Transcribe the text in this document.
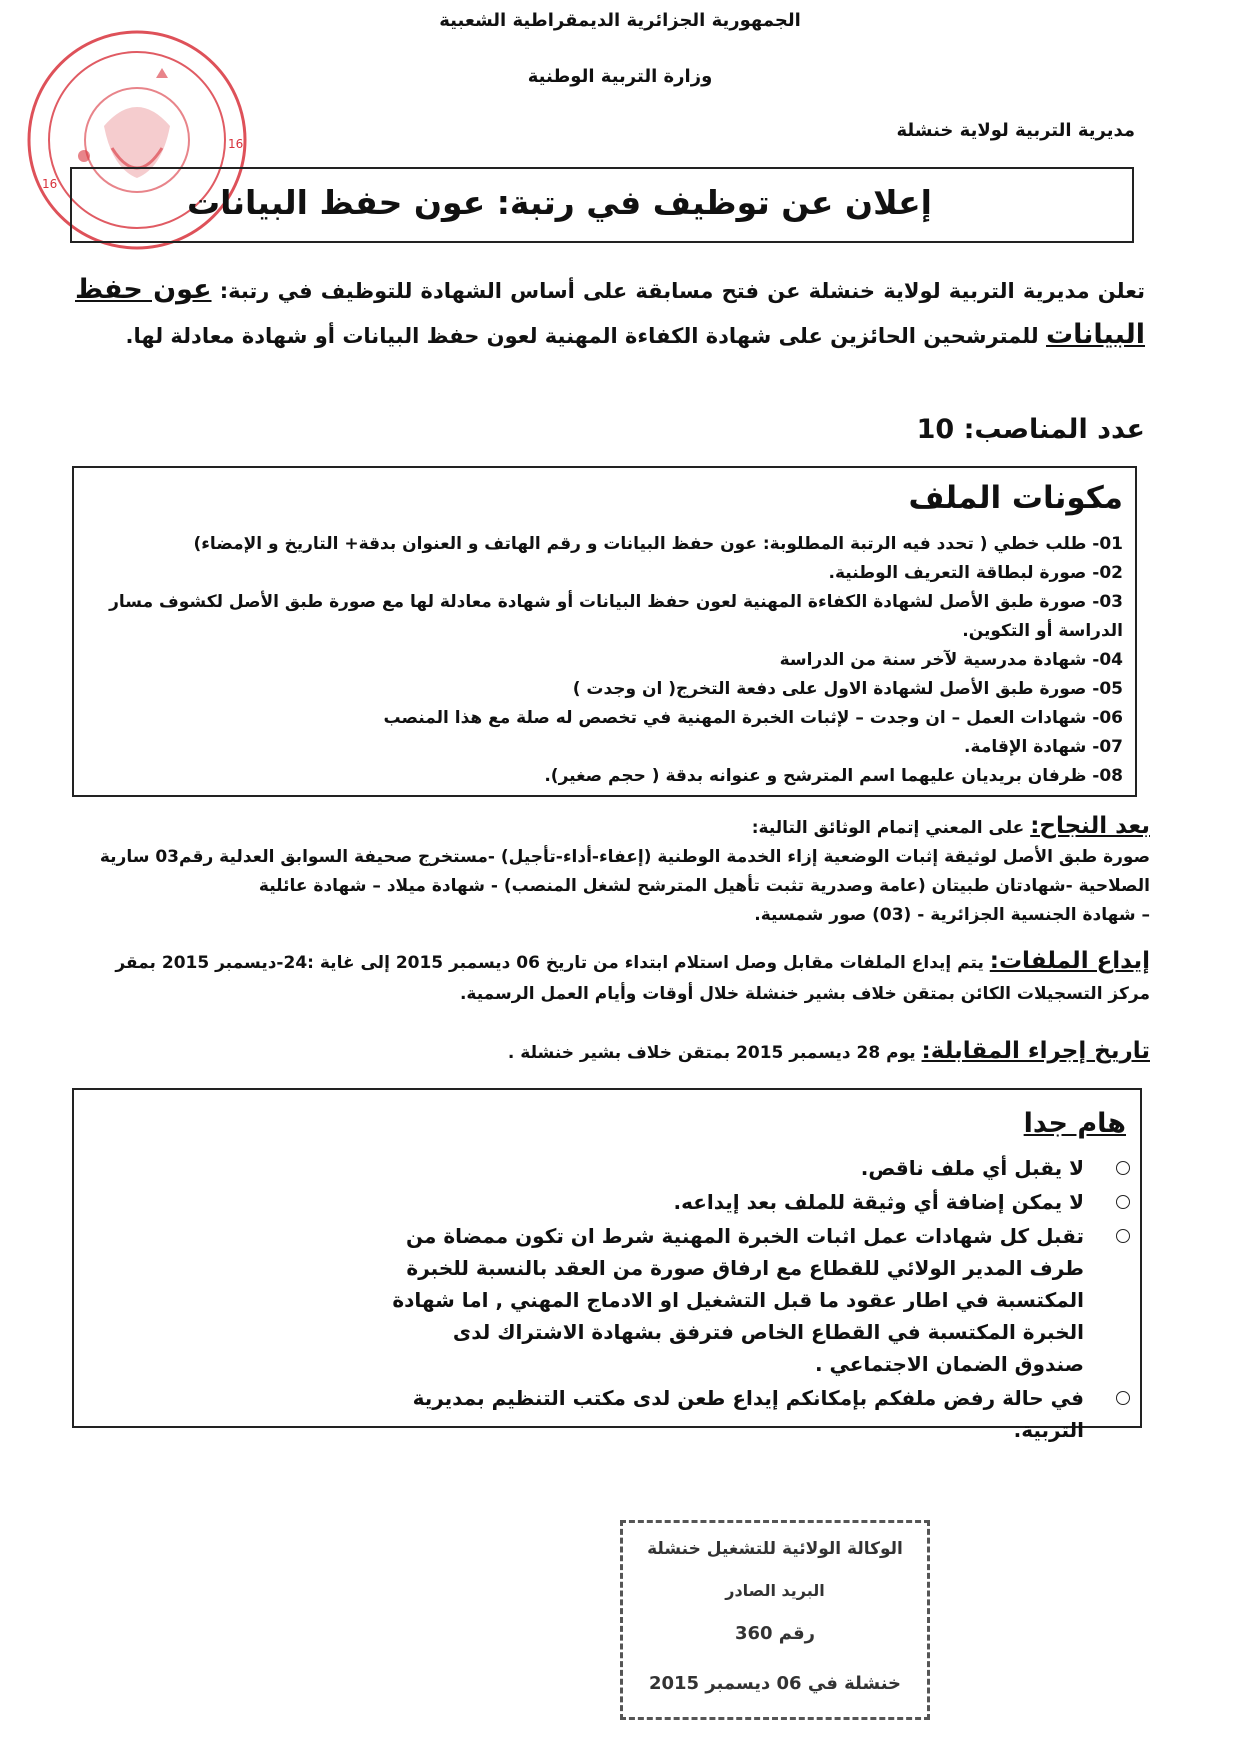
16
16
الجمهورية الجزائرية الديمقراطية الشعبية
وزارة التربية الوطنية
مديرية التربية لولاية خنشلة
إعلان عن توظيف في رتبة: عون حفظ البيانات
تعلن مديرية التربية لولاية خنشلة عن فتح مسابقة على أساس الشهادة للتوظيف في رتبة: عون حفظ البيانات للمترشحين الحائزين على شهادة الكفاءة المهنية لعون حفظ البيانات أو شهادة معادلة لها.
عدد المناصب: 10
مكونات الملف
01- طلب خطي ( تحدد فيه الرتبة المطلوبة: عون حفظ البيانات و رقم الهاتف و العنوان بدقة+ التاريخ و الإمضاء)
02- صورة لبطاقة التعريف الوطنية.
03- صورة طبق الأصل لشهادة الكفاءة المهنية لعون حفظ البيانات أو شهادة معادلة لها مع صورة طبق الأصل لكشوف مسار الدراسة أو التكوين.
04- شهادة مدرسية لآخر سنة من الدراسة
05- صورة طبق الأصل لشهادة الاول على دفعة التخرج( ان وجدت )
06- شهادات العمل – ان وجدت – لإثبات الخبرة المهنية في تخصص له صلة مع هذا المنصب
07- شهادة الإقامة.
08- ظرفان بريديان عليهما اسم المترشح و عنوانه بدقة ( حجم صغير).
بعد النجاح: على المعني إتمام الوثائق التالية:
صورة طبق الأصل لوثيقة إثبات الوضعية إزاء الخدمة الوطنية (إعفاء-أداء-تأجيل) -مستخرج صحيفة السوابق العدلية رقم03 سارية
الصلاحية -شهادتان طبيتان (عامة وصدرية تثبت تأهيل المترشح لشغل المنصب) - شهادة ميلاد – شهادة عائلية
– شهادة الجنسية الجزائرية - (03) صور شمسية.
إيداع الملفات: يتم إيداع الملفات مقابل وصل استلام ابتداء من تاريخ 06 ديسمبر 2015 إلى غاية :24-ديسمبر 2015 بمقر مركز التسجيلات الكائن بمتقن خلاف بشير خنشلة خلال أوقات وأيام العمل الرسمية.
تاريخ إجراء المقابلة: يوم 28 ديسمبر 2015 بمتقن خلاف بشير خنشلة .
هام جدا
لا يقبل أي ملف ناقص.
لا يمكن إضافة أي وثيقة للملف بعد إيداعه.
تقبل كل شهادات عمل اثبات الخبرة المهنية شرط ان تكون ممضاة من طرف المدير الولائي للقطاع مع ارفاق صورة من العقد بالنسبة للخبرة المكتسبة في اطار عقود ما قبل التشغيل او الادماج المهني , اما شهادة الخبرة المكتسبة في القطاع الخاص فترفق بشهادة الاشتراك لدى صندوق الضمان الاجتماعي .
في حالة رفض ملفكم بإمكانكم إيداع طعن لدى مكتب التنظيم بمديرية التربية.
الوكالة الولائية للتشغيل خنشلة
البريد الصادر
رقم 360
خنشلة في 06 ديسمبر 2015
